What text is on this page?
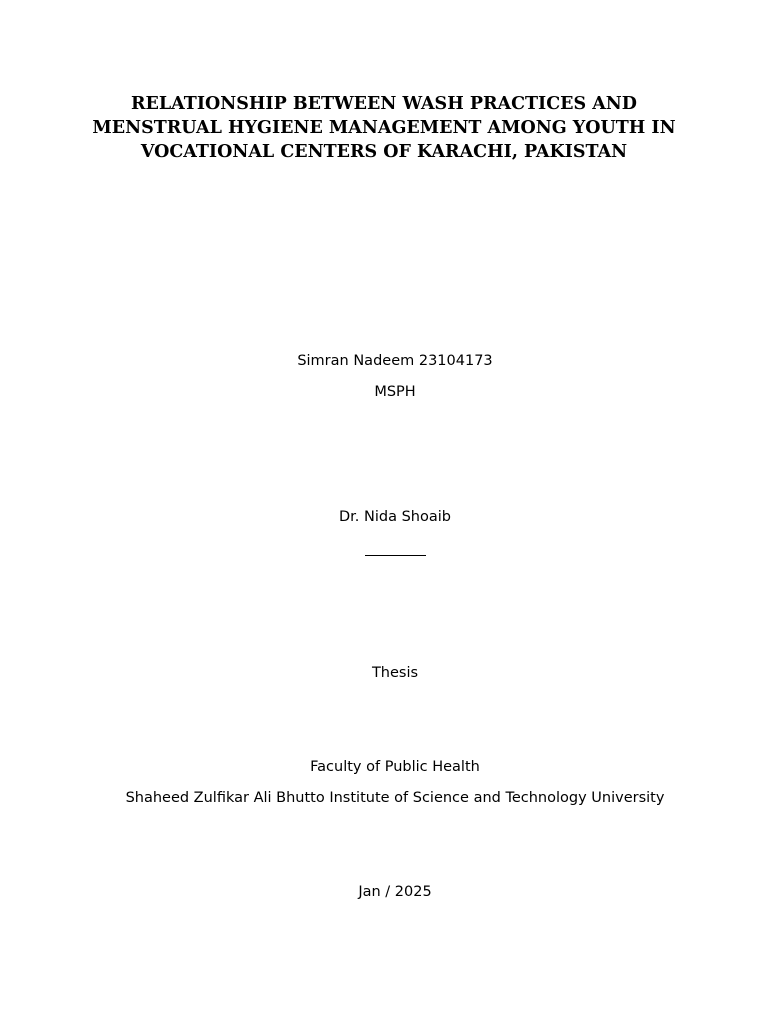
RELATIONSHIP BETWEEN WASH PRACTICES AND
MENSTRUAL HYGIENE MANAGEMENT AMONG YOUTH IN
VOCATIONAL CENTERS OF KARACHI, PAKISTAN
Simran Nadeem 23104173
MSPH
Dr. Nida Shoaib
Thesis
Faculty of Public Health
Shaheed Zulfikar Ali Bhutto Institute of Science and Technology University
Jan / 2025
